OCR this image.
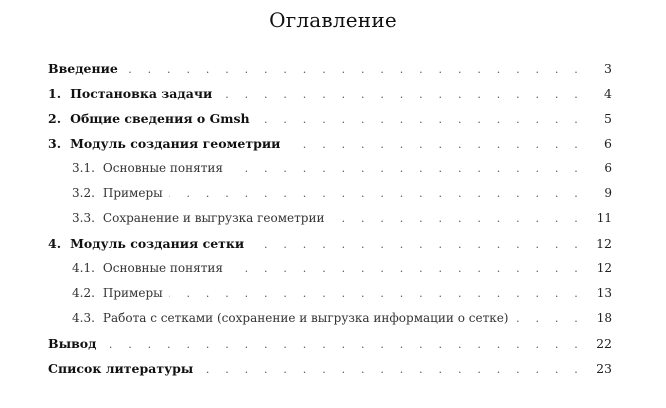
Оглавление
Введение . . .	3
1. Постановка задачи . . .	4
2. Общие сведения о Gmsh . . .	5
3. Модуль создания геометрии . . .	6
3.1. Основные понятия . . .	6
3.2. Примеры . . .	9
3.3. Сохранение и выгрузка геометрии . . .	11
4. Модуль создания сетки . . .	12
4.1. Основные понятия . . .	12
4.2. Примеры . . .	13
4.3. Работа с сетками (сохранение и выгрузка информации о сетке) . . .	18
Вывод . . .	22
Список литературы . . .	23
